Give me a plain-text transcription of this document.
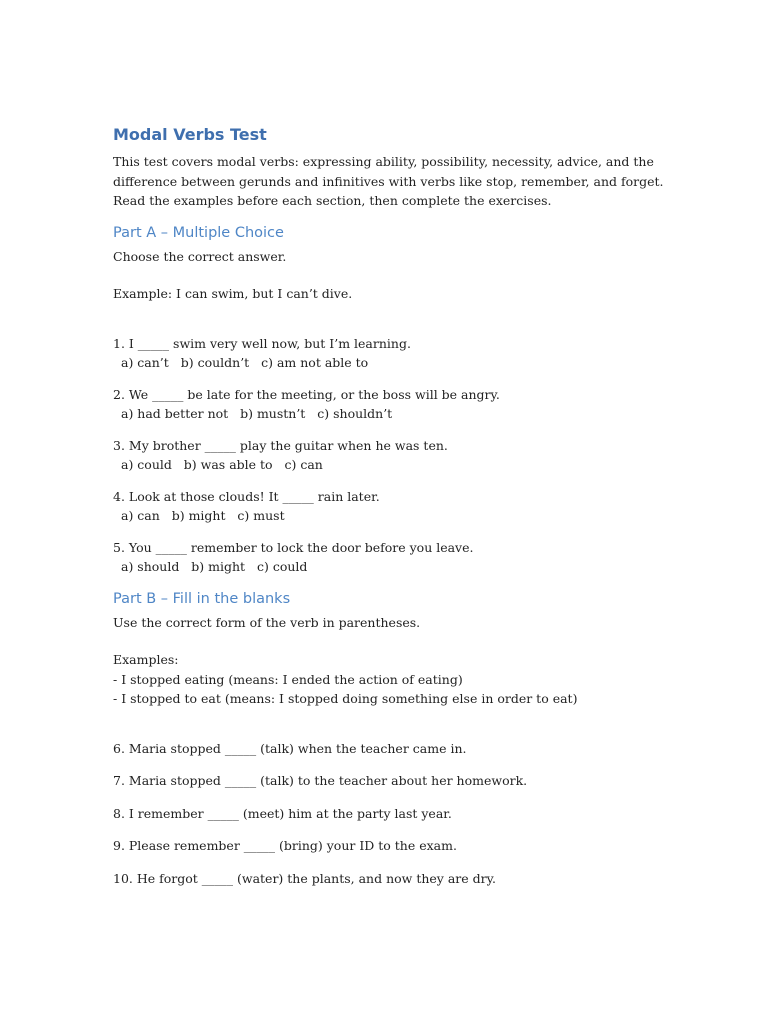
Modal Verbs Test
This test covers modal verbs: expressing ability, possibility, necessity, advice, and the difference between gerunds and infinitives with verbs like stop, remember, and forget. Read the examples before each section, then complete the exercises.
Part A – Multiple Choice
Choose the correct answer.
Example: I can swim, but I can’t dive.
1. I _____ swim very well now, but I’m learning.
a) can’t   b) couldn’t   c) am not able to
2. We _____ be late for the meeting, or the boss will be angry.
a) had better not   b) mustn’t   c) shouldn’t
3. My brother _____ play the guitar when he was ten.
a) could   b) was able to   c) can
4. Look at those clouds! It _____ rain later.
a) can   b) might   c) must
5. You _____ remember to lock the door before you leave.
a) should   b) might   c) could
Part B – Fill in the blanks
Use the correct form of the verb in parentheses.
Examples:
- I stopped eating (means: I ended the action of eating)
- I stopped to eat (means: I stopped doing something else in order to eat)
6. Maria stopped _____ (talk) when the teacher came in.
7. Maria stopped _____ (talk) to the teacher about her homework.
8. I remember _____ (meet) him at the party last year.
9. Please remember _____ (bring) your ID to the exam.
10. He forgot _____ (water) the plants, and now they are dry.
